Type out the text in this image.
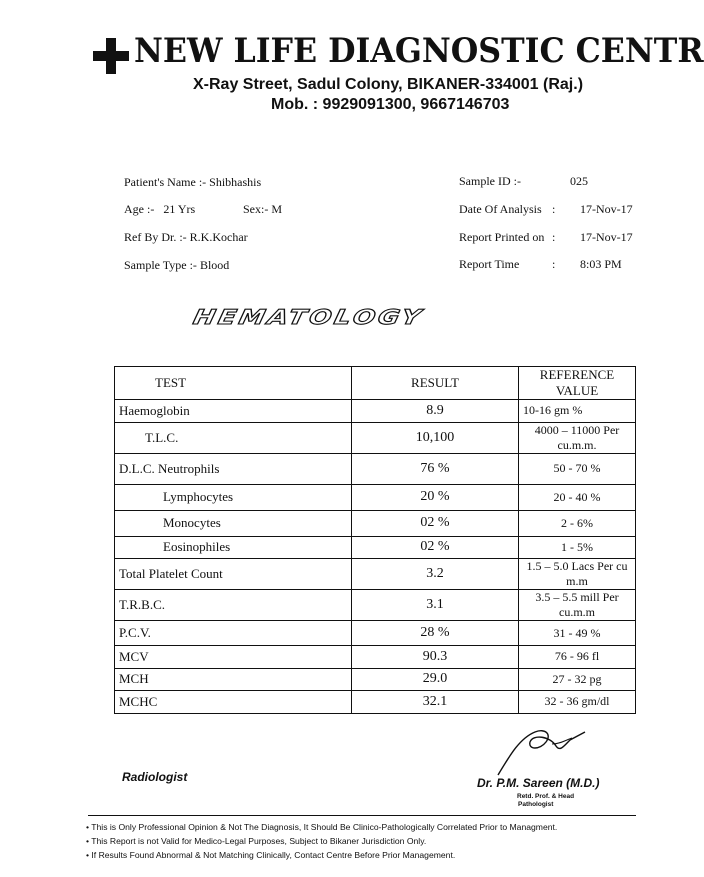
NEW LIFE DIAGNOSTIC CENTR
X-Ray Street, Sadul Colony, BIKANER-334001 (Raj.)
Mob. : 9929091300, 9667146703
Patient's Name :- Shibhashis
Age :- 21 Yrs	Sex:- M
Ref By Dr. :- R.K.Kochar
Sample Type :- Blood
Sample ID :-	025
Date Of Analysis : 17-Nov-17
Report Printed on : 17-Nov-17
Report Time	: 8:03 PM
HEMATOLOGY
TEST	RESULT	REFERENCE VALUE
Haemoglobin	8.9	10-16 gm %
T.L.C.	10,100	4000 – 11000 Per cu.m.m.
D.L.C. Neutrophils	76 %	50 - 70 %
Lymphocytes	20 %	20 - 40 %
Monocytes	02 %	2 - 6%
Eosinophiles	02 %	1 - 5%
Total Platelet Count	3.2	1.5 – 5.0 Lacs Per cu m.m
T.R.B.C.	3.1	3.5 – 5.5 mill Per cu.m.m
P.C.V.	28 %	31 - 49 %
MCV	90.3	76 - 96 fl
MCH	29.0	27 - 32 pg
MCHC	32.1	32 - 36 gm/dl
Radiologist	Dr. P.M. Sareen (M.D.)
Retd. Prof. & Head
Pathologist
• This is Only Professional Opinion & Not The Diagnosis, It Should Be Clinico-Pathologically Correlated Prior to Managment.
• This Report is not Valid for Medico-Legal Purposes, Subject to Bikaner Jurisdiction Only.
• If Results Found Abnormal & Not Matching Clinically, Contact Centre Before Prior Management.
